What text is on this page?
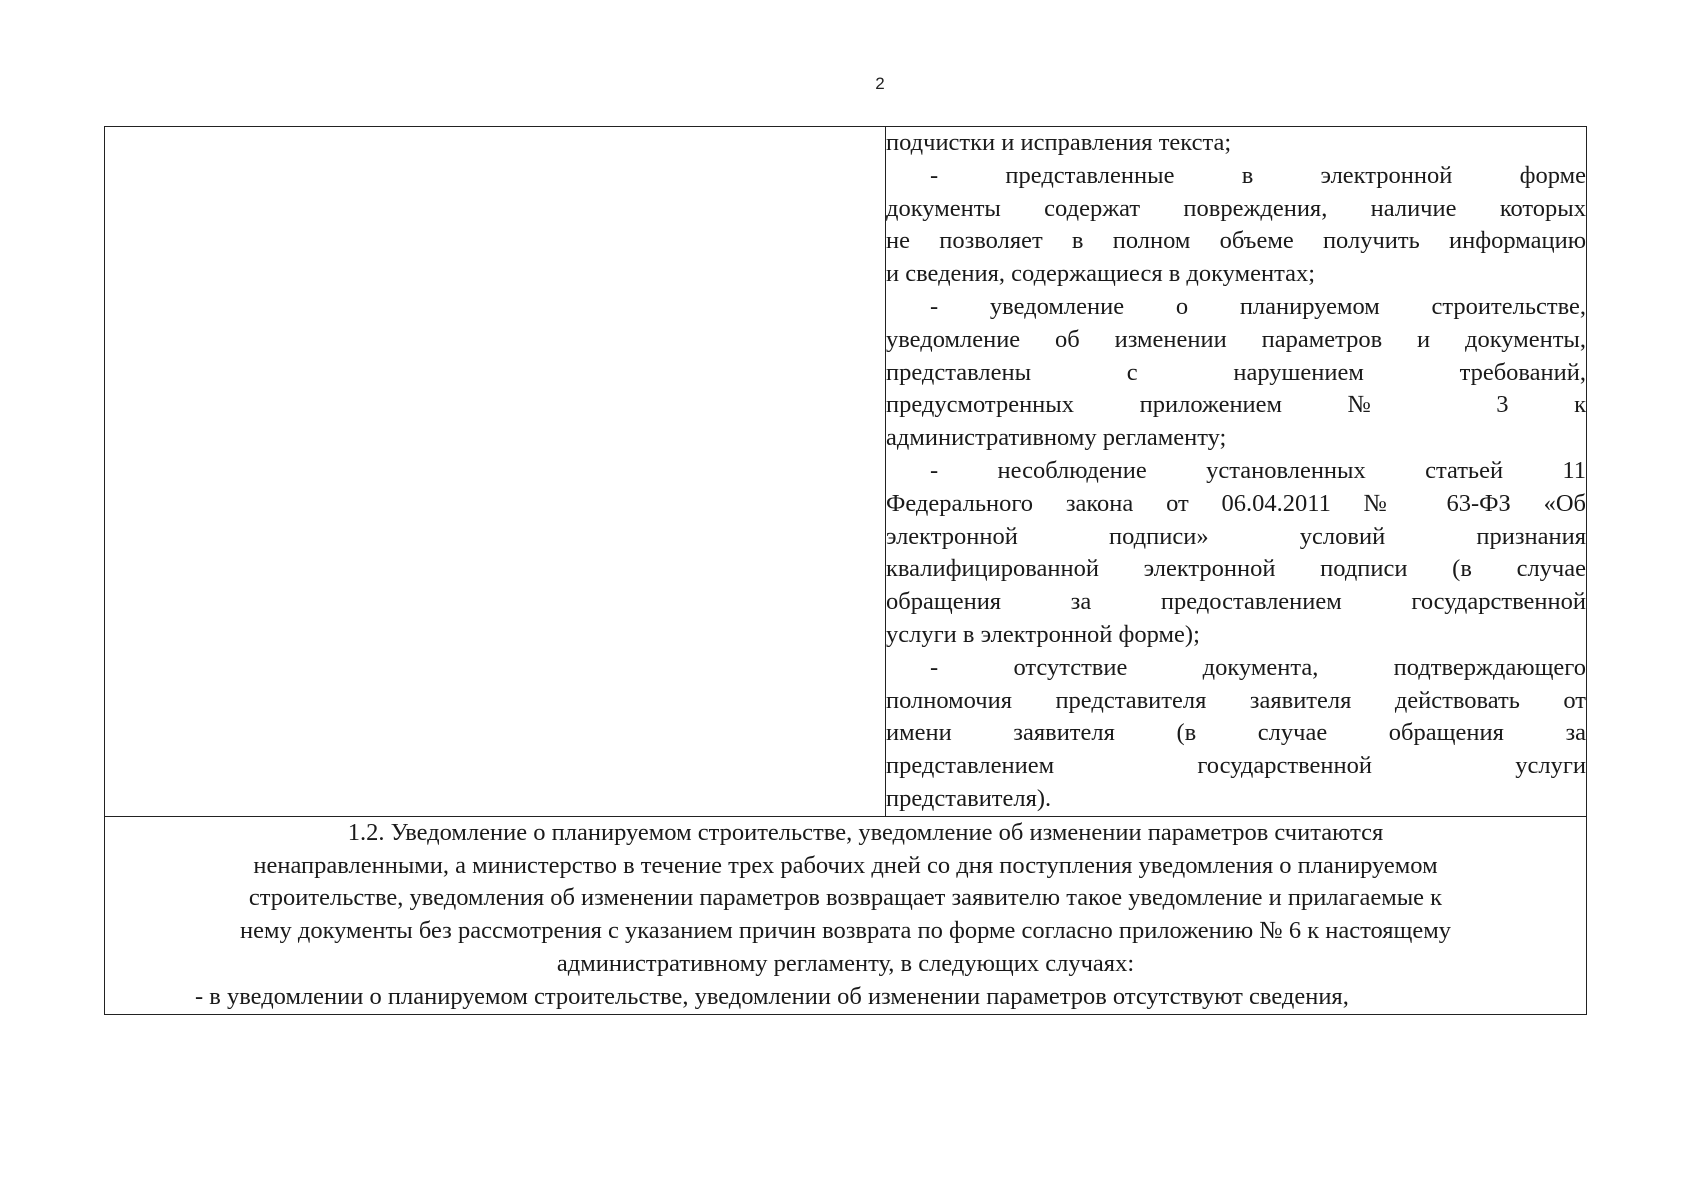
2

подчистки и исправления текста;
- представленные в электронной форме
документы содержат повреждения, наличие которых
не позволяет в полном объеме получить информацию
и сведения, содержащиеся в документах;
- уведомление о планируемом строительстве,
уведомление об изменении параметров и документы,
представлены с нарушением требований,
предусмотренных приложением № 3 к
административному регламенту;
- несоблюдение установленных статьей 11
Федерального закона от 06.04.2011 № 63-ФЗ «Об
электронной подписи» условий признания
квалифицированной электронной подписи (в случае
обращения за предоставлением государственной
услуги в электронной форме);
- отсутствие документа, подтверждающего
полномочия представителя заявителя действовать от
имени заявителя (в случае обращения за
представлением государственной услуги
представителя).

1.2. Уведомление о планируемом строительстве, уведомление об изменении параметров считаются
ненаправленными, а министерство в течение трех рабочих дней со дня поступления уведомления о планируемом
строительстве, уведомления об изменении параметров возвращает заявителю такое уведомление и прилагаемые к
нему документы без рассмотрения с указанием причин возврата по форме согласно приложению № 6 к настоящему
административному регламенту, в следующих случаях:
- в уведомлении о планируемом строительстве, уведомлении об изменении параметров отсутствуют сведения,
